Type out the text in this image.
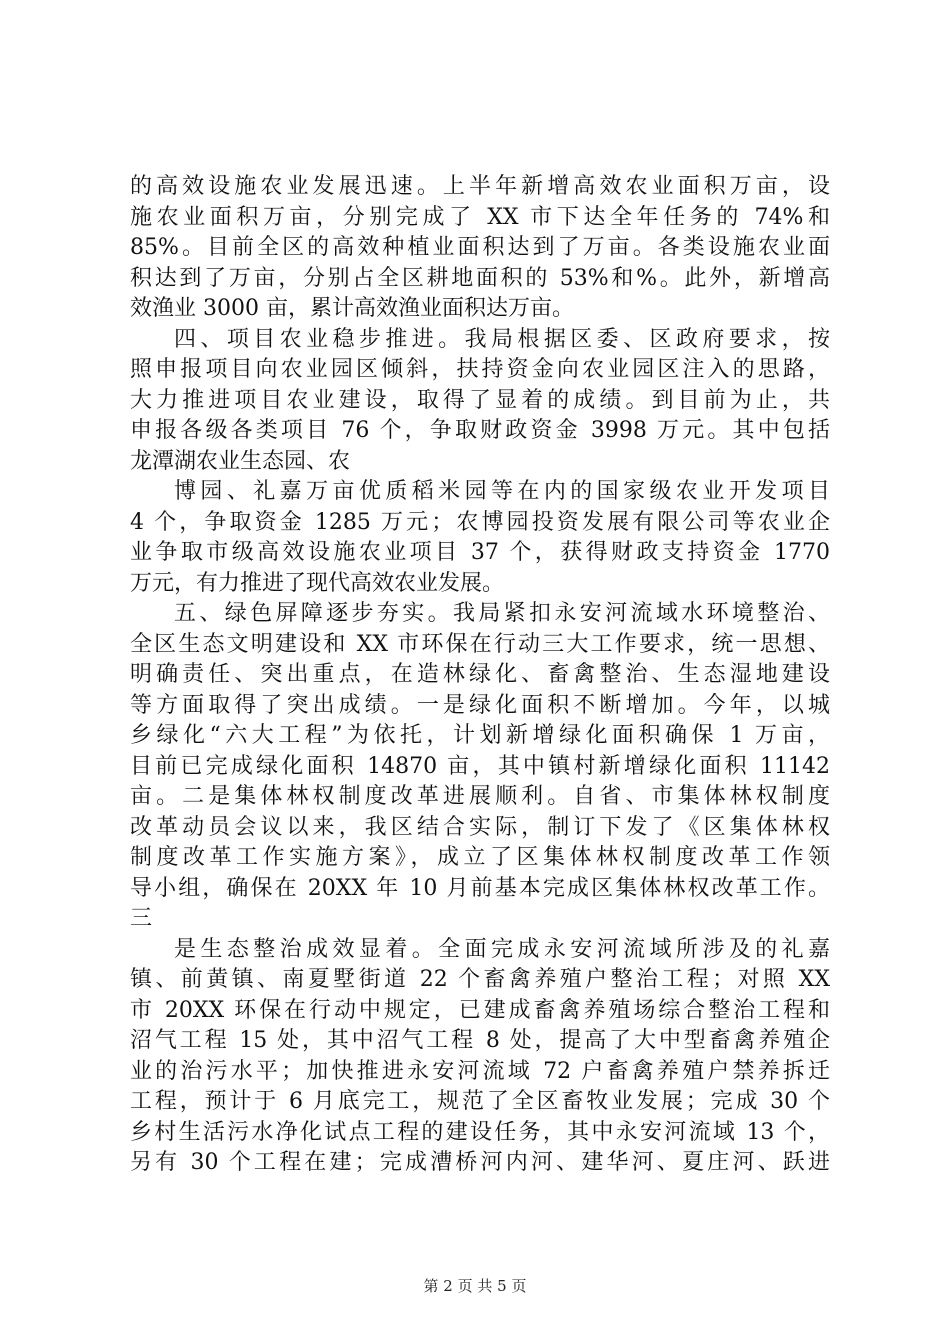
的高效设施农业发展迅速。上半年新增高效农业面积万亩，设
施农业面积万亩，分别完成了 XX 市下达全年任务的 74%和
85%。目前全区的高效种植业面积达到了万亩。各类设施农业面
积达到了万亩，分别占全区耕地面积的 53%和%。此外，新增高
效渔业 3000 亩，累计高效渔业面积达万亩。
四、项目农业稳步推进。我局根据区委、区政府要求，按
照申报项目向农业园区倾斜，扶持资金向农业园区注入的思路，
大力推进项目农业建设，取得了显着的成绩。到目前为止，共
申报各级各类项目 76 个，争取财政资金 3998 万元。其中包括
龙潭湖农业生态园、农
博园、礼嘉万亩优质稻米园等在内的国家级农业开发项目
4 个，争取资金 1285 万元；农博园投资发展有限公司等农业企
业争取市级高效设施农业项目 37 个，获得财政支持资金 1770
万元，有力推进了现代高效农业发展。
五、绿色屏障逐步夯实。我局紧扣永安河流域水环境整治、
全区生态文明建设和 XX 市环保在行动三大工作要求，统一思想、
明确责任、突出重点，在造林绿化、畜禽整治、生态湿地建设
等方面取得了突出成绩。一是绿化面积不断增加。今年，以城
乡绿化“六大工程”为依托，计划新增绿化面积确保 1 万亩，
目前已完成绿化面积 14870 亩，其中镇村新增绿化面积 11142
亩。二是集体林权制度改革进展顺利。自省、市集体林权制度
改革动员会议以来，我区结合实际，制订下发了《区集体林权
制度改革工作实施方案》，成立了区集体林权制度改革工作领
导小组，确保在 20XX 年 10 月前基本完成区集体林权改革工作。
三
是生态整治成效显着。全面完成永安河流域所涉及的礼嘉
镇、前黄镇、南夏墅街道 22 个畜禽养殖户整治工程；对照 XX
市 20XX 环保在行动中规定，已建成畜禽养殖场综合整治工程和
沼气工程 15 处，其中沼气工程 8 处，提高了大中型畜禽养殖企
业的治污水平；加快推进永安河流域 72 户畜禽养殖户禁养拆迁
工程，预计于 6 月底完工，规范了全区畜牧业发展；完成 30 个
乡村生活污水净化试点工程的建设任务，其中永安河流域 13 个，
另有 30 个工程在建；完成漕桥河内河、建华河、夏庄河、跃进
第 2 页 共 5 页
